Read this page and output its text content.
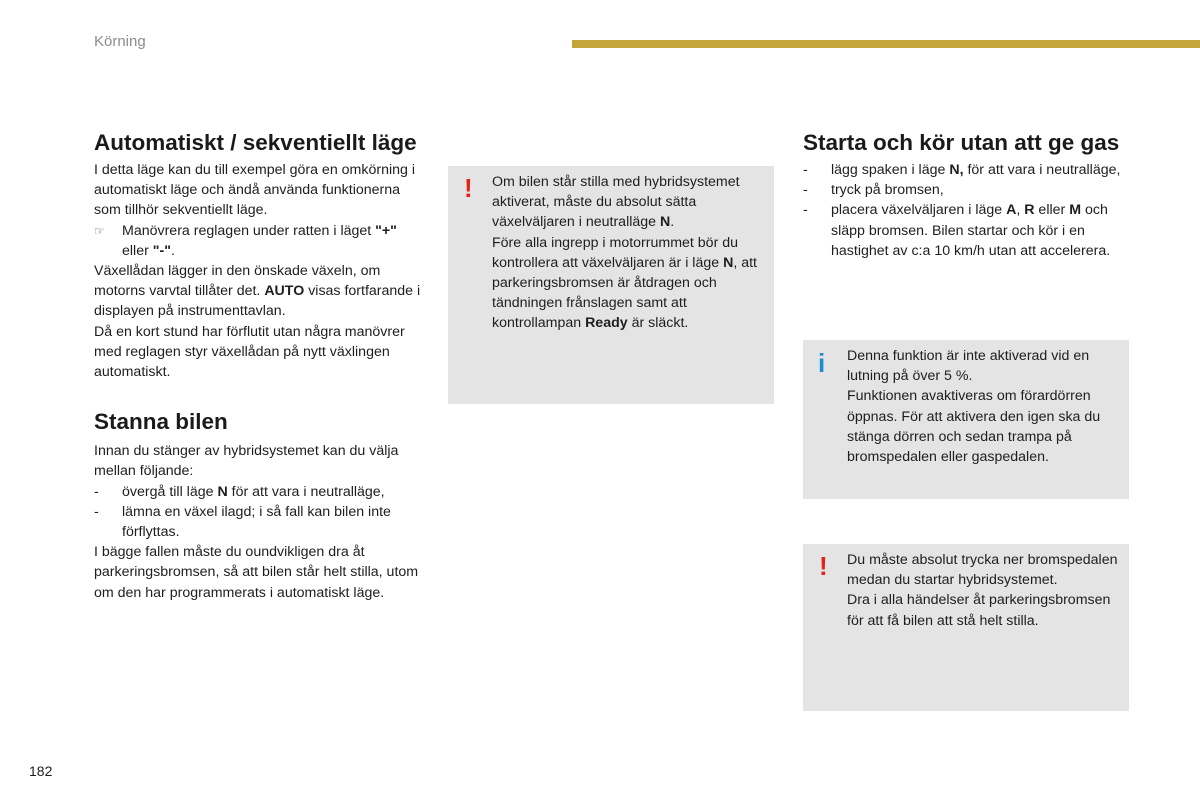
Körning
Automatiskt / sekventiellt läge

I detta läge kan du till exempel göra en omkörning i automatiskt läge och ändå använda funktionerna som tillhör sekventiellt läge.

☞ Manövrera reglagen under ratten i läget "+" eller "-".

Växellådan lägger in den önskade växeln, om motorns varvtal tillåter det. AUTO visas fortfarande i displayen på instrumenttavlan.

Då en kort stund har förflutit utan några manövrer med reglagen styr växellådan på nytt växlingen automatiskt.

Stanna bilen

Innan du stänger av hybridsystemet kan du välja mellan följande:

- övergå till läge N för att vara i neutralläge,
- lämna en växel ilagd; i så fall kan bilen inte förflyttas.

I bägge fallen måste du oundvikligen dra åt parkeringsbromsen, så att bilen står helt stilla, utom om den har programmerats i automatiskt läge.

! Om bilen står stilla med hybridsystemet aktiverat, måste du absolut sätta växelväljaren i neutralläge N.
Före alla ingrepp i motorrummet bör du kontrollera att växelväljaren är i läge N, att parkeringsbromsen är åtdragen och tändningen frånslagen samt att kontrollampan Ready är släckt.
Starta och kör utan att ge gas
- lägg spaken i läge N, för att vara i neutralläge,
- tryck på bromsen,
- placera växelväljaren i läge A, R eller M och släpp bromsen. Bilen startar och kör i en hastighet av c:a 10 km/h utan att accelerera.
i Denna funktion är inte aktiverad vid en lutning på över 5 %.
Funktionen avaktiveras om förardörren öppnas. För att aktivera den igen ska du stänga dörren och sedan trampa på bromspedalen eller gaspedalen.
! Du måste absolut trycka ner bromspedalen medan du startar hybridsystemet.
Dra i alla händelser åt parkeringsbromsen för att få bilen att stå helt stilla.
182
